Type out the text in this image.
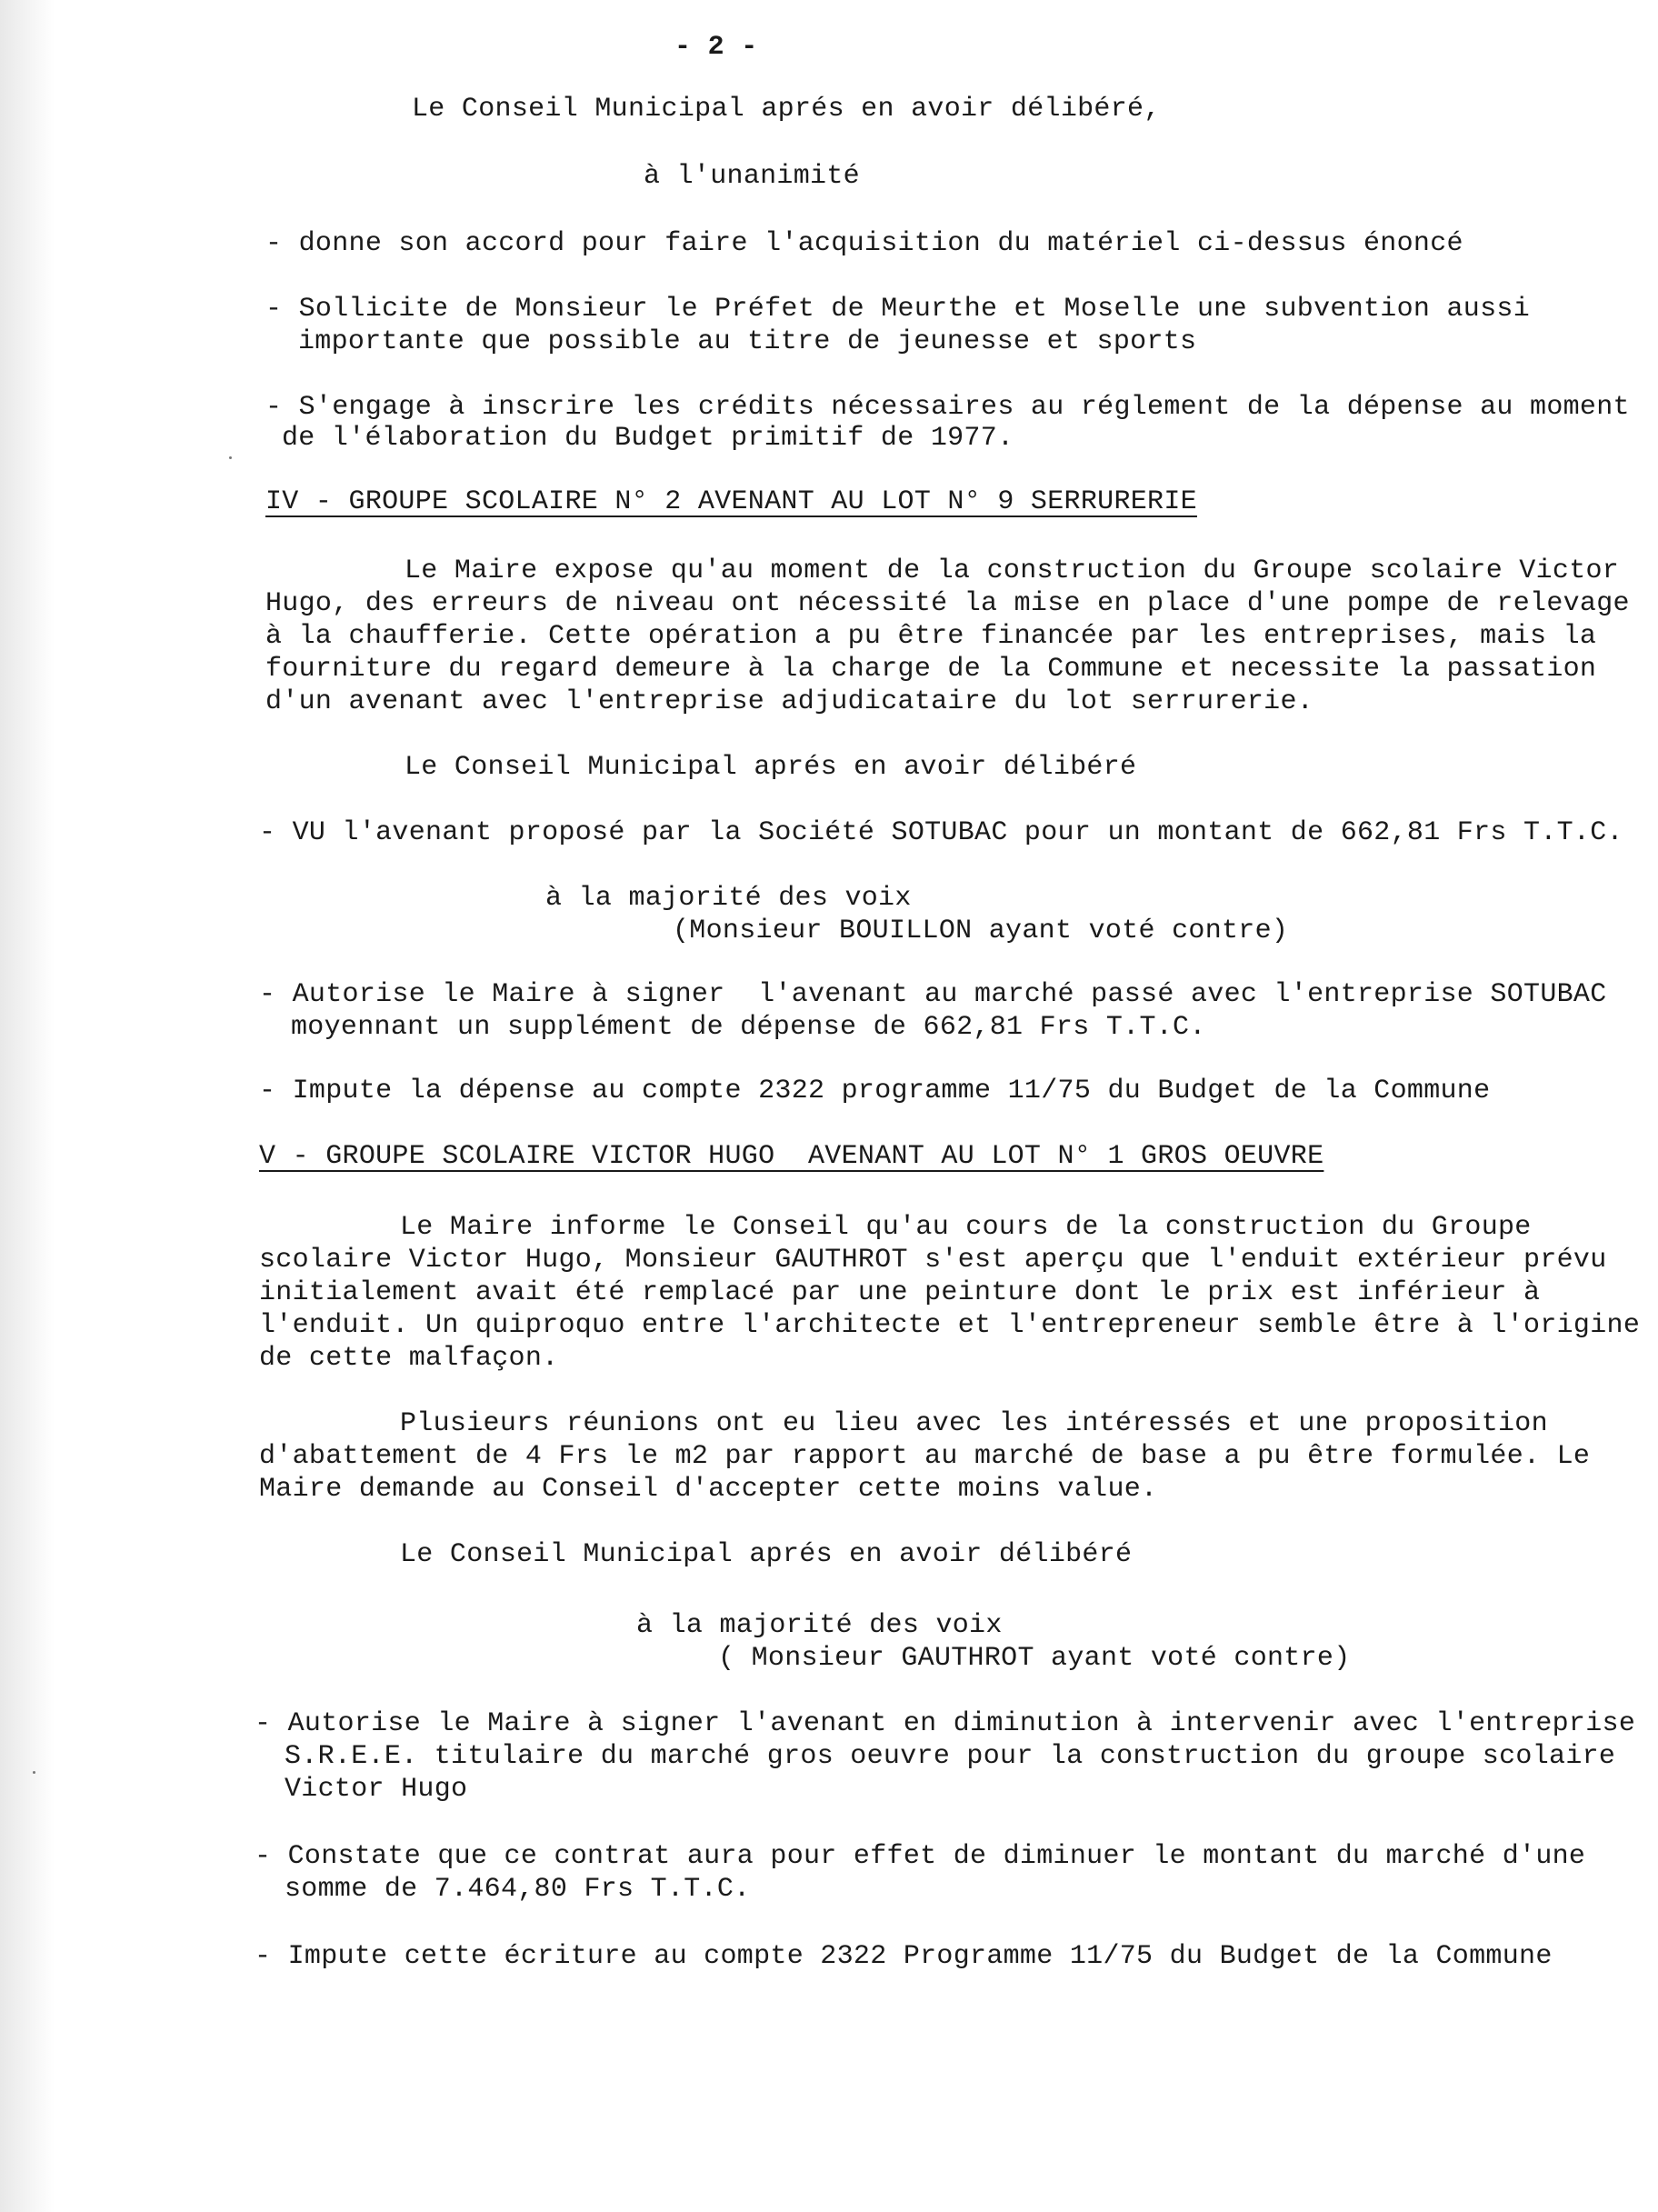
- 2 -
Le Conseil Municipal aprés en avoir délibéré,
à l'unanimité
- donne son accord pour faire l'acquisition du matériel ci-dessus énoncé
- Sollicite de Monsieur le Préfet de Meurthe et Moselle une subvention aussi
importante que possible au titre de jeunesse et sports
- S'engage à inscrire les crédits nécessaires au réglement de la dépense au moment
de l'élaboration du Budget primitif de 1977.
IV - GROUPE SCOLAIRE N° 2 AVENANT AU LOT N° 9 SERRURERIE
Le Maire expose qu'au moment de la construction du Groupe scolaire Victor
Hugo, des erreurs de niveau ont nécessité la mise en place d'une pompe de relevage
à la chaufferie. Cette opération a pu être financée par les entreprises, mais la
fourniture du regard demeure à la charge de la Commune et necessite la passation
d'un avenant avec l'entreprise adjudicataire du lot serrurerie.
Le Conseil Municipal aprés en avoir délibéré
- VU l'avenant proposé par la Société SOTUBAC pour un montant de 662,81 Frs T.T.C.
à la majorité des voix
(Monsieur BOUILLON ayant voté contre)
- Autorise le Maire à signer  l'avenant au marché passé avec l'entreprise SOTUBAC
moyennant un supplément de dépense de 662,81 Frs T.T.C.
- Impute la dépense au compte 2322 programme 11/75 du Budget de la Commune
V - GROUPE SCOLAIRE VICTOR HUGO  AVENANT AU LOT N° 1 GROS OEUVRE
Le Maire informe le Conseil qu'au cours de la construction du Groupe
scolaire Victor Hugo, Monsieur GAUTHROT s'est aperçu que l'enduit extérieur prévu
initialement avait été remplacé par une peinture dont le prix est inférieur à
l'enduit. Un quiproquo entre l'architecte et l'entrepreneur semble être à l'origine
de cette malfaçon.
Plusieurs réunions ont eu lieu avec les intéressés et une proposition
d'abattement de 4 Frs le m2 par rapport au marché de base a pu être formulée. Le
Maire demande au Conseil d'accepter cette moins value.
Le Conseil Municipal aprés en avoir délibéré
à la majorité des voix
( Monsieur GAUTHROT ayant voté contre)
- Autorise le Maire à signer l'avenant en diminution à intervenir avec l'entreprise
S.R.E.E. titulaire du marché gros oeuvre pour la construction du groupe scolaire
Victor Hugo
- Constate que ce contrat aura pour effet de diminuer le montant du marché d'une
somme de 7.464,80 Frs T.T.C.
- Impute cette écriture au compte 2322 Programme 11/75 du Budget de la Commune
